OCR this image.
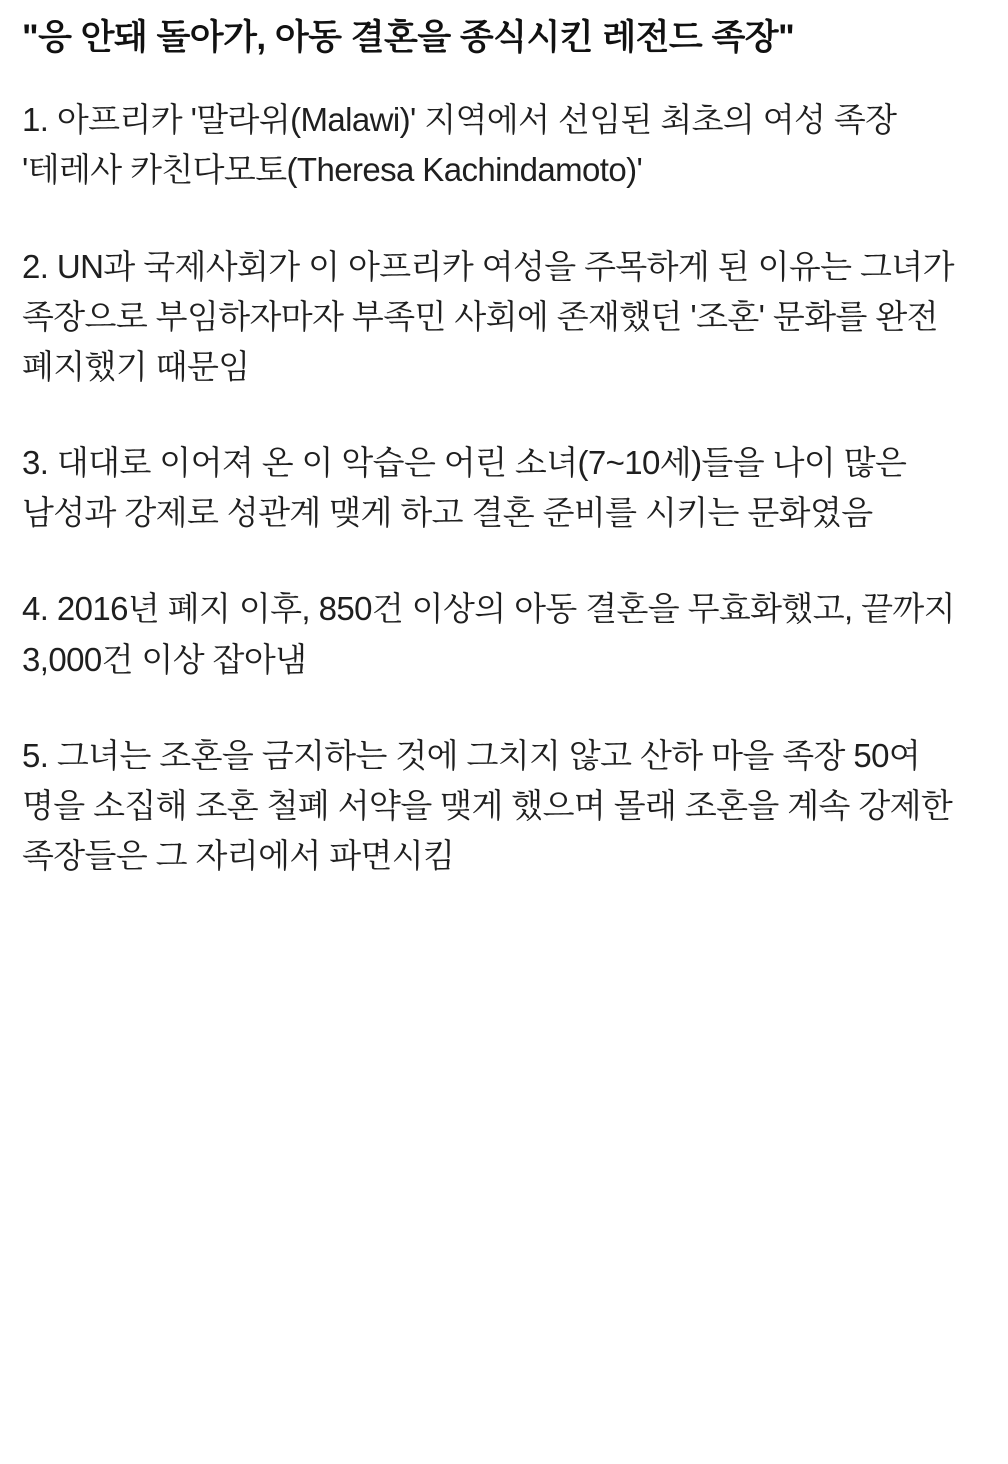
"응 안돼 돌아가, 아동 결혼을 종식시킨 레전드 족장"

1. 아프리카 '말라위(Malawi)' 지역에서 선임된 최초의 여성 족장 '테레사 카친다모토(Theresa Kachindamoto)'

2. UN과 국제사회가 이 아프리카 여성을 주목하게 된 이유는 그녀가 족장으로 부임하자마자 부족민 사회에 존재했던 '조혼' 문화를 완전 폐지했기 때문임

3. 대대로 이어져 온 이 악습은 어린 소녀(7~10세)들을 나이 많은 남성과 강제로 성관계 맺게 하고 결혼 준비를 시키는 문화였음

4. 2016년 폐지 이후, 850건 이상의 아동 결혼을 무효화했고, 끝까지 3,000건 이상 잡아냄

5. 그녀는 조혼을 금지하는 것에 그치지 않고 산하 마을 족장 50여 명을 소집해 조혼 철폐 서약을 맺게 했으며 몰래 조혼을 계속 강제한 족장들은 그 자리에서 파면시킴
